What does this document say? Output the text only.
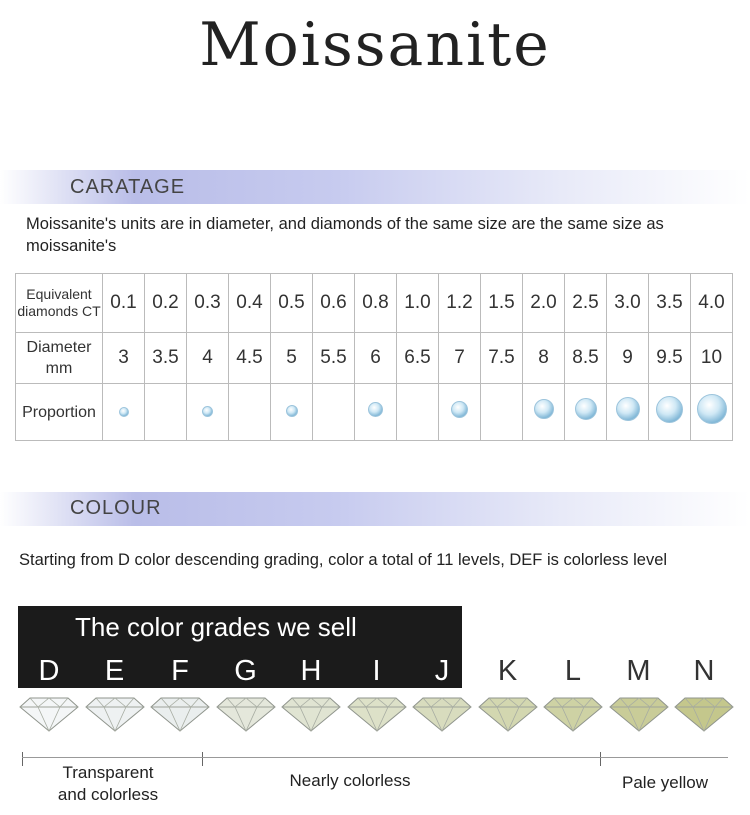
Moissanite
CARATAGE
Moissanite's units are in diameter, and diamonds of the same size are the same size as moissanite's
Equivalent diamonds CT	0.1	0.2	0.3	0.4	0.5	0.6	0.8	1.0	1.2	1.5	2.0	2.5	3.0	3.5	4.0
Diameter mm	3	3.5	4	4.5	5	5.5	6	6.5	7	7.5	8	8.5	9	9.5	10
Proportion															
COLOUR
Starting from D color descending grading, color a total of 11 levels, DEF is colorless level
The color grades we sell
D	E	F	G	H	I	J	K	L	M	N
Transparent and colorless
Nearly colorless	Pale yellow
